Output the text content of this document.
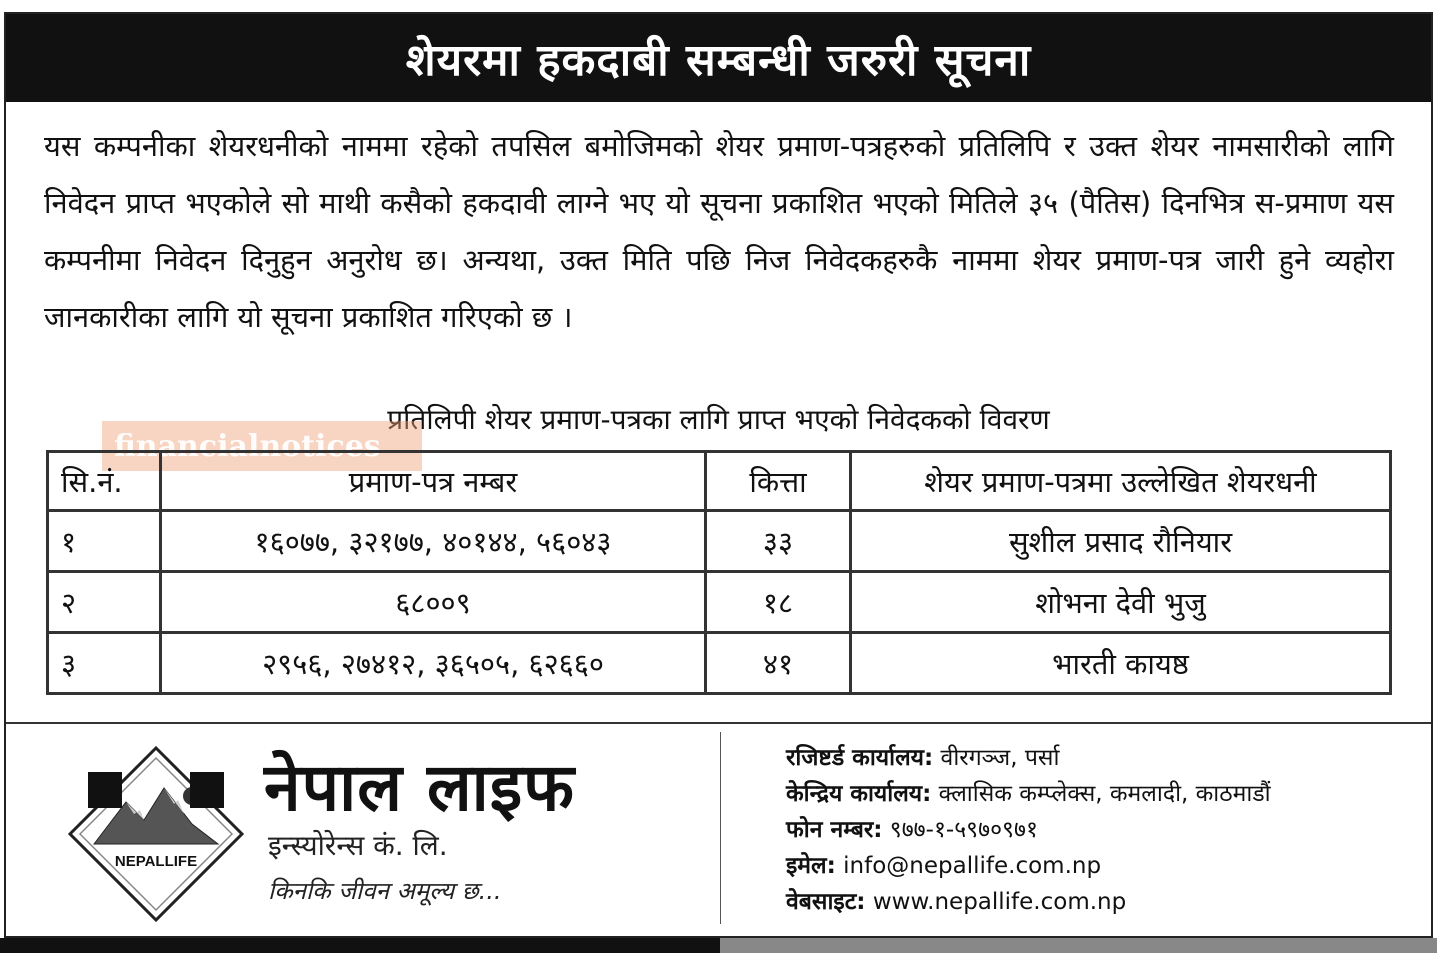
शेयरमा हकदाबी सम्बन्धी जरुरी सूचना
यस कम्पनीका शेयरधनीको नाममा रहेको तपसिल बमोजिमको शेयर प्रमाण-पत्रहरुको प्रतिलिपि र उक्त शेयर नामसारीको लागि निवेदन प्राप्त भएकोले सो माथी कसैको हकदावी लाग्ने भए यो सूचना प्रकाशित भएको मितिले ३५ (पैतिस) दिनभित्र स-प्रमाण यस कम्पनीमा निवेदन दिनुहुन अनुरोध छ। अन्यथा, उक्त मिति पछि निज निवेदकहरुकै नाममा शेयर प्रमाण-पत्र जारी हुने व्यहोरा जानकारीका लागि यो सूचना प्रकाशित गरिएको छ ।
प्रतिलिपी शेयर प्रमाण-पत्रका लागि प्राप्त भएको निवेदकको विवरण
financialnotices
सि.नं.	प्रमाण-पत्र नम्बर	कित्ता	शेयर प्रमाण-पत्रमा उल्लेखित शेयरधनी
१	१६०७७, ३२१७७, ४०१४४, ५६०४३	३३	सुशील प्रसाद रौनियार
२	६८००९	१८	शोभना देवी भुजु
३	२९५६, २७४१२, ३६५०५, ६२६६०	४१	भारती कायष्ठ
NEPALLIFE
नेपाल लाइफ
इन्स्योरेन्स कं. लि.
किनकि जीवन अमूल्य छ...
रजिष्टर्ड कार्यालय: वीरगञ्ज, पर्सा
केन्द्रिय कार्यालय: क्लासिक कम्प्लेक्स, कमलादी, काठमाडौं
फोन नम्बर: ९७७-१-५९७०९७१
इमेल: info@nepallife.com.np
वेबसाइट: www.nepallife.com.np
